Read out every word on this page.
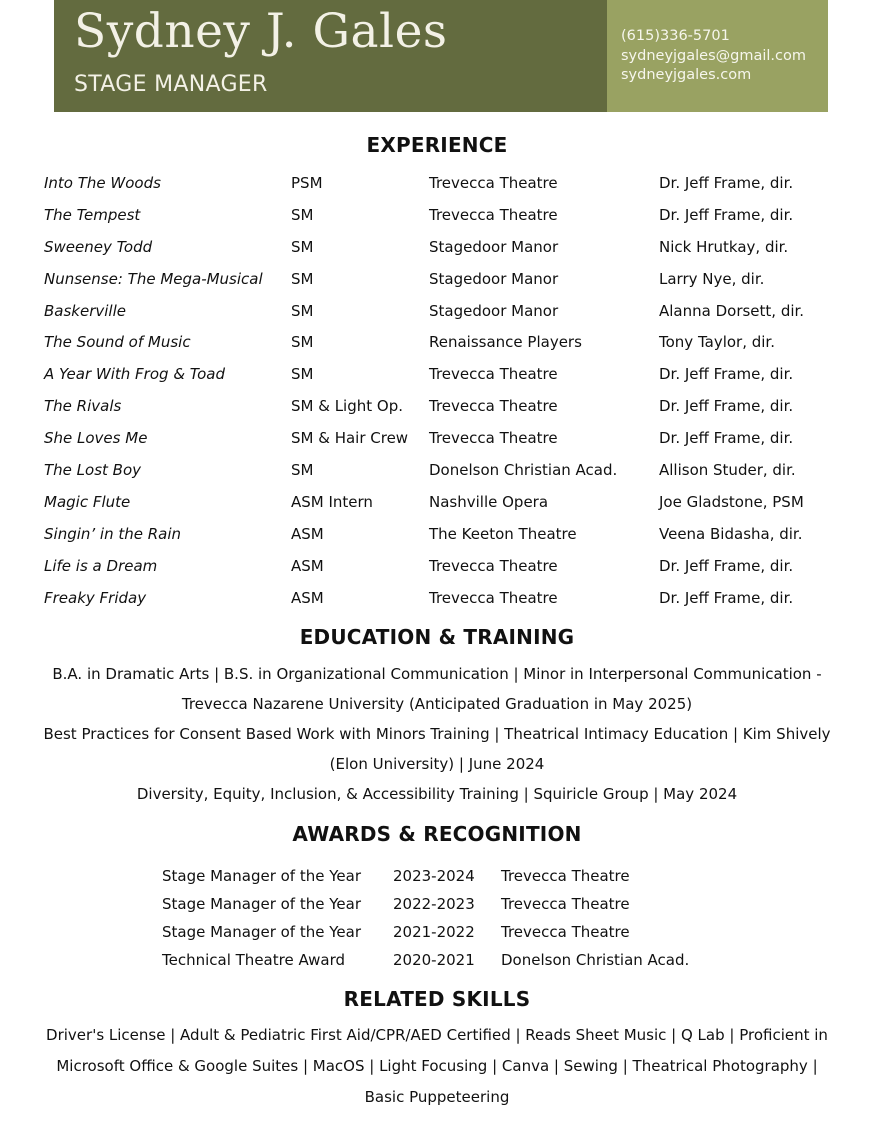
Sydney J. Gales
STAGE MANAGER
(615)336-5701
sydneyjgales@gmail.com
sydneyjgales.com
EXPERIENCE
Into The Woods	PSM	Trevecca Theatre	Dr. Jeff Frame, dir.
The Tempest	SM	Trevecca Theatre	Dr. Jeff Frame, dir.
Sweeney Todd	SM	Stagedoor Manor	Nick Hrutkay, dir.
Nunsense: The Mega-Musical	SM	Stagedoor Manor	Larry Nye, dir.
Baskerville	SM	Stagedoor Manor	Alanna Dorsett, dir.
The Sound of Music	SM	Renaissance Players	Tony Taylor, dir.
A Year With Frog & Toad	SM	Trevecca Theatre	Dr. Jeff Frame, dir.
The Rivals	SM & Light Op.	Trevecca Theatre	Dr. Jeff Frame, dir.
She Loves Me	SM & Hair Crew	Trevecca Theatre	Dr. Jeff Frame, dir.
The Lost Boy	SM	Donelson Christian Acad.	Allison Studer, dir.
Magic Flute	ASM Intern	Nashville Opera	Joe Gladstone, PSM
Singin’ in the Rain	ASM	The Keeton Theatre	Veena Bidasha, dir.
Life is a Dream	ASM	Trevecca Theatre	Dr. Jeff Frame, dir.
Freaky Friday	ASM	Trevecca Theatre	Dr. Jeff Frame, dir.
EDUCATION & TRAINING

B.A. in Dramatic Arts | B.S. in Organizational Communication | Minor in Interpersonal Communication - Trevecca Nazarene University (Anticipated Graduation in May 2025)

Best Practices for Consent Based Work with Minors Training | Theatrical Intimacy Education | Kim Shively (Elon University) | June 2024

Diversity, Equity, Inclusion, & Accessibility Training | Squiricle Group | May 2024

AWARDS & RECOGNITION
Stage Manager of the Year	2023-2024	Trevecca Theatre
Stage Manager of the Year	2022-2023	Trevecca Theatre
Stage Manager of the Year	2021-2022	Trevecca Theatre
Technical Theatre Award	2020-2021	Donelson Christian Acad.
RELATED SKILLS

Driver's License | Adult & Pediatric First Aid/CPR/AED Certified | Reads Sheet Music | Q Lab | Proficient in Microsoft Office & Google Suites | MacOS | Light Focusing | Canva | Sewing | Theatrical Photography | Basic Puppeteering
